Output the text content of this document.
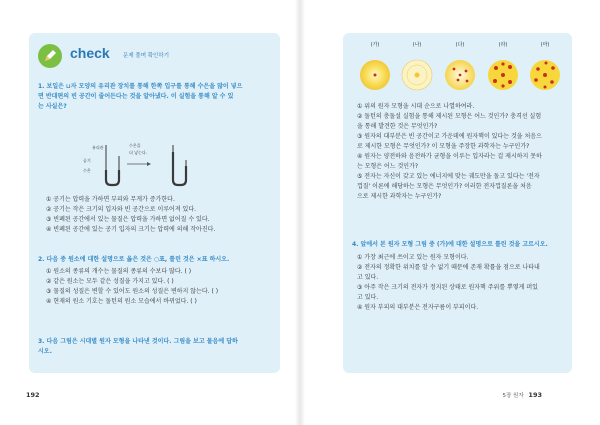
check 문제 풀며 확인하기
1. 보일은 ⊔자 모양의 유리관 장치를 통해 한쪽 입구를 통해 수은을 많이 넣으
면 반대편의 빈 공간이 줄어든다는 것을 알아냈다. 이 실험을 통해 알 수 있
는 사실은?
유리관
공기
수은
수은을
더 넣는다.
① 공기는 압력을 가하면 부피와 무게가 증가한다.
② 공기는 작은 크기의 입자와 빈 공간으로 이루어져 있다.
③ 빈폐된 공간에서 있는 물질은 압력을 가하면 없어질 수 있다.
④ 빈폐된 공간에 있는 공기 입자의 크기는 압력에 의해 작아진다.
2. 다음 중 원소에 대한 설명으로 옳은 것은 ○표, 틀린 것은 ×표 하시오.
① 원소의 종류의 개수는 물질의 종류의 수보다 많다. ( )
② 같은 원소는 모두 같은 성질을 가지고 있다. ( )
③ 물질의 성질은 변할 수 있어도 원소의 성질은 변하지 않는다. ( )
④ 현재의 원소 기호는 돌턴의 원소 모습에서 바뀌었다. ( )
3. 다음 그림은 시대별 원자 모형을 나타낸 것이다. 그림을 보고 물음에 답하
시오.
192
(가)	(나)	(다)	(라)	(마)
① 위의 원자 모형을 시대 순으로 나열하여라.
② 돌턴의 충돌설 실험을 통해 제시된 모형은 어느 것인가? 충격선 실험
을 통해 발견한 것은 무엇인가?
③ 원자의 대부분은 빈 공간이고 가운데에 원자핵이 있다는 것을 처음으
로 제시한 모형은 무엇인가? 이 모형을 주장한 과학자는 누구인가?
④ 원자는 양전하와 음전하가 균형을 이루는 입자라는 걸 제시하지 못하
는 모형은 어느 것인가?
⑤ 전자는 자신이 갖고 있는 에너지에 맞는 궤도만을 돌고 있다는 '전자
껍질' 이론에 해당하는 모형은 무엇인가? 이러한 전자껍질론을 처음
으로 제시한 과학자는 누구인가?
4. 앞에서 본 원자 모형 그림 중 (가)에 대한 설명으로 틀린 것을 고르시오.
① 가장 최근에 쓰이고 있는 원자 모형이다.
② 전자의 정확한 위치를 알 수 없기 때문에 존재 확률을 점으로 나타내
고 있다.
③ 아주 작은 크기의 전자가 정지된 상태로 원자핵 주위를 뿌옇게 퍼있
고 있다.
④ 원자 부피의 대부분은 전자구름이 부피이다.
5장 원자 193
